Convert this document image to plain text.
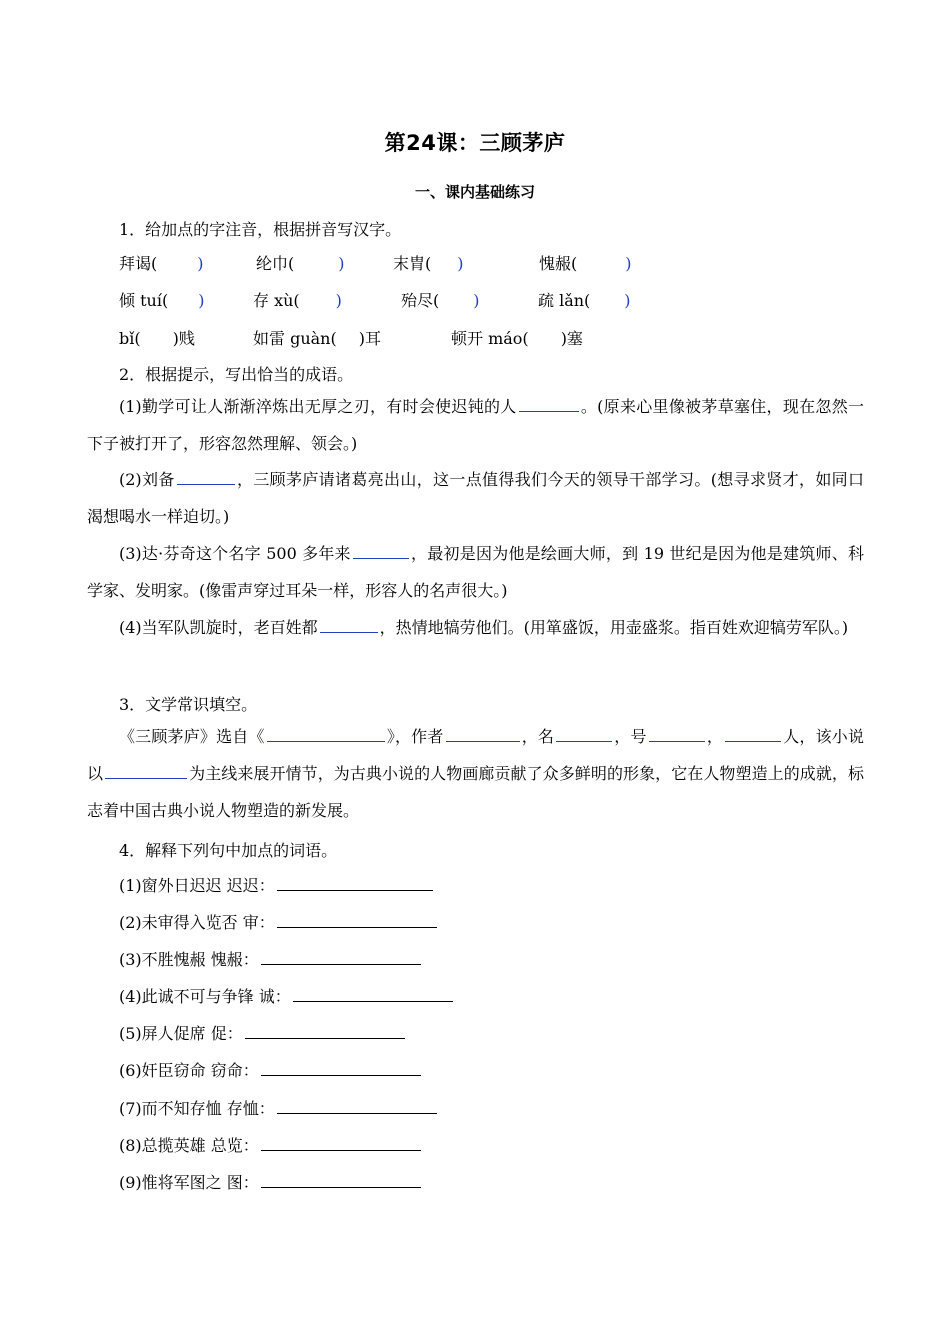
第24课：三顾茅庐
一、课内基础练习
1．给加点的字注音，根据拼音写汉字。
拜谒(	)	纶巾(	)	末胄( )	愧赧(	)
倾 tuí( )	存 xù( )	殆尽( )	疏 lǎn( )
bǐ( )贱	如雷 guàn( )耳	顿开 máo( )塞
2．根据提示，写出恰当的成语。
(1)勤学可让人渐渐淬炼出无厚之刃，有时会使迟钝的人	。(原来心里像被茅草塞住，现在忽然一下子被打开了，形容忽然理解、领会。)
(2)刘备	，三顾茅庐请诸葛亮出山，这一点值得我们今天的领导干部学习。(想寻求贤才，如同口渴想喝水一样迫切。)
(3)达·芬奇这个名字 500 多年来	，最初是因为他是绘画大师，到 19 世纪是因为他是建筑师、科学家、发明家。(像雷声穿过耳朵一样，形容人的名声很大。)
(4)当军队凯旋时，老百姓都	，热情地犒劳他们。(用箪盛饭，用壶盛浆。指百姓欢迎犒劳军队。)
3．文学常识填空。
《三顾茅庐》选自《	》，作者	，名	，号	，	人，该小说以	为主线来展开情节，为古典小说的人物画廊贡献了众多鲜明的形象，它在人物塑造上的成就，标志着中国古典小说人物塑造的新发展。
4．解释下列句中加点的词语。
(1)窗外日迟迟 迟迟：
(2)未审得入览否 审：
(3)不胜愧赧 愧赧：
(4)此诚不可与争锋 诚：
(5)屏人促席 促：
(6)奸臣窃命 窃命：
(7)而不知存恤 存恤：
(8)总揽英雄 总览：
(9)惟将军图之 图：
